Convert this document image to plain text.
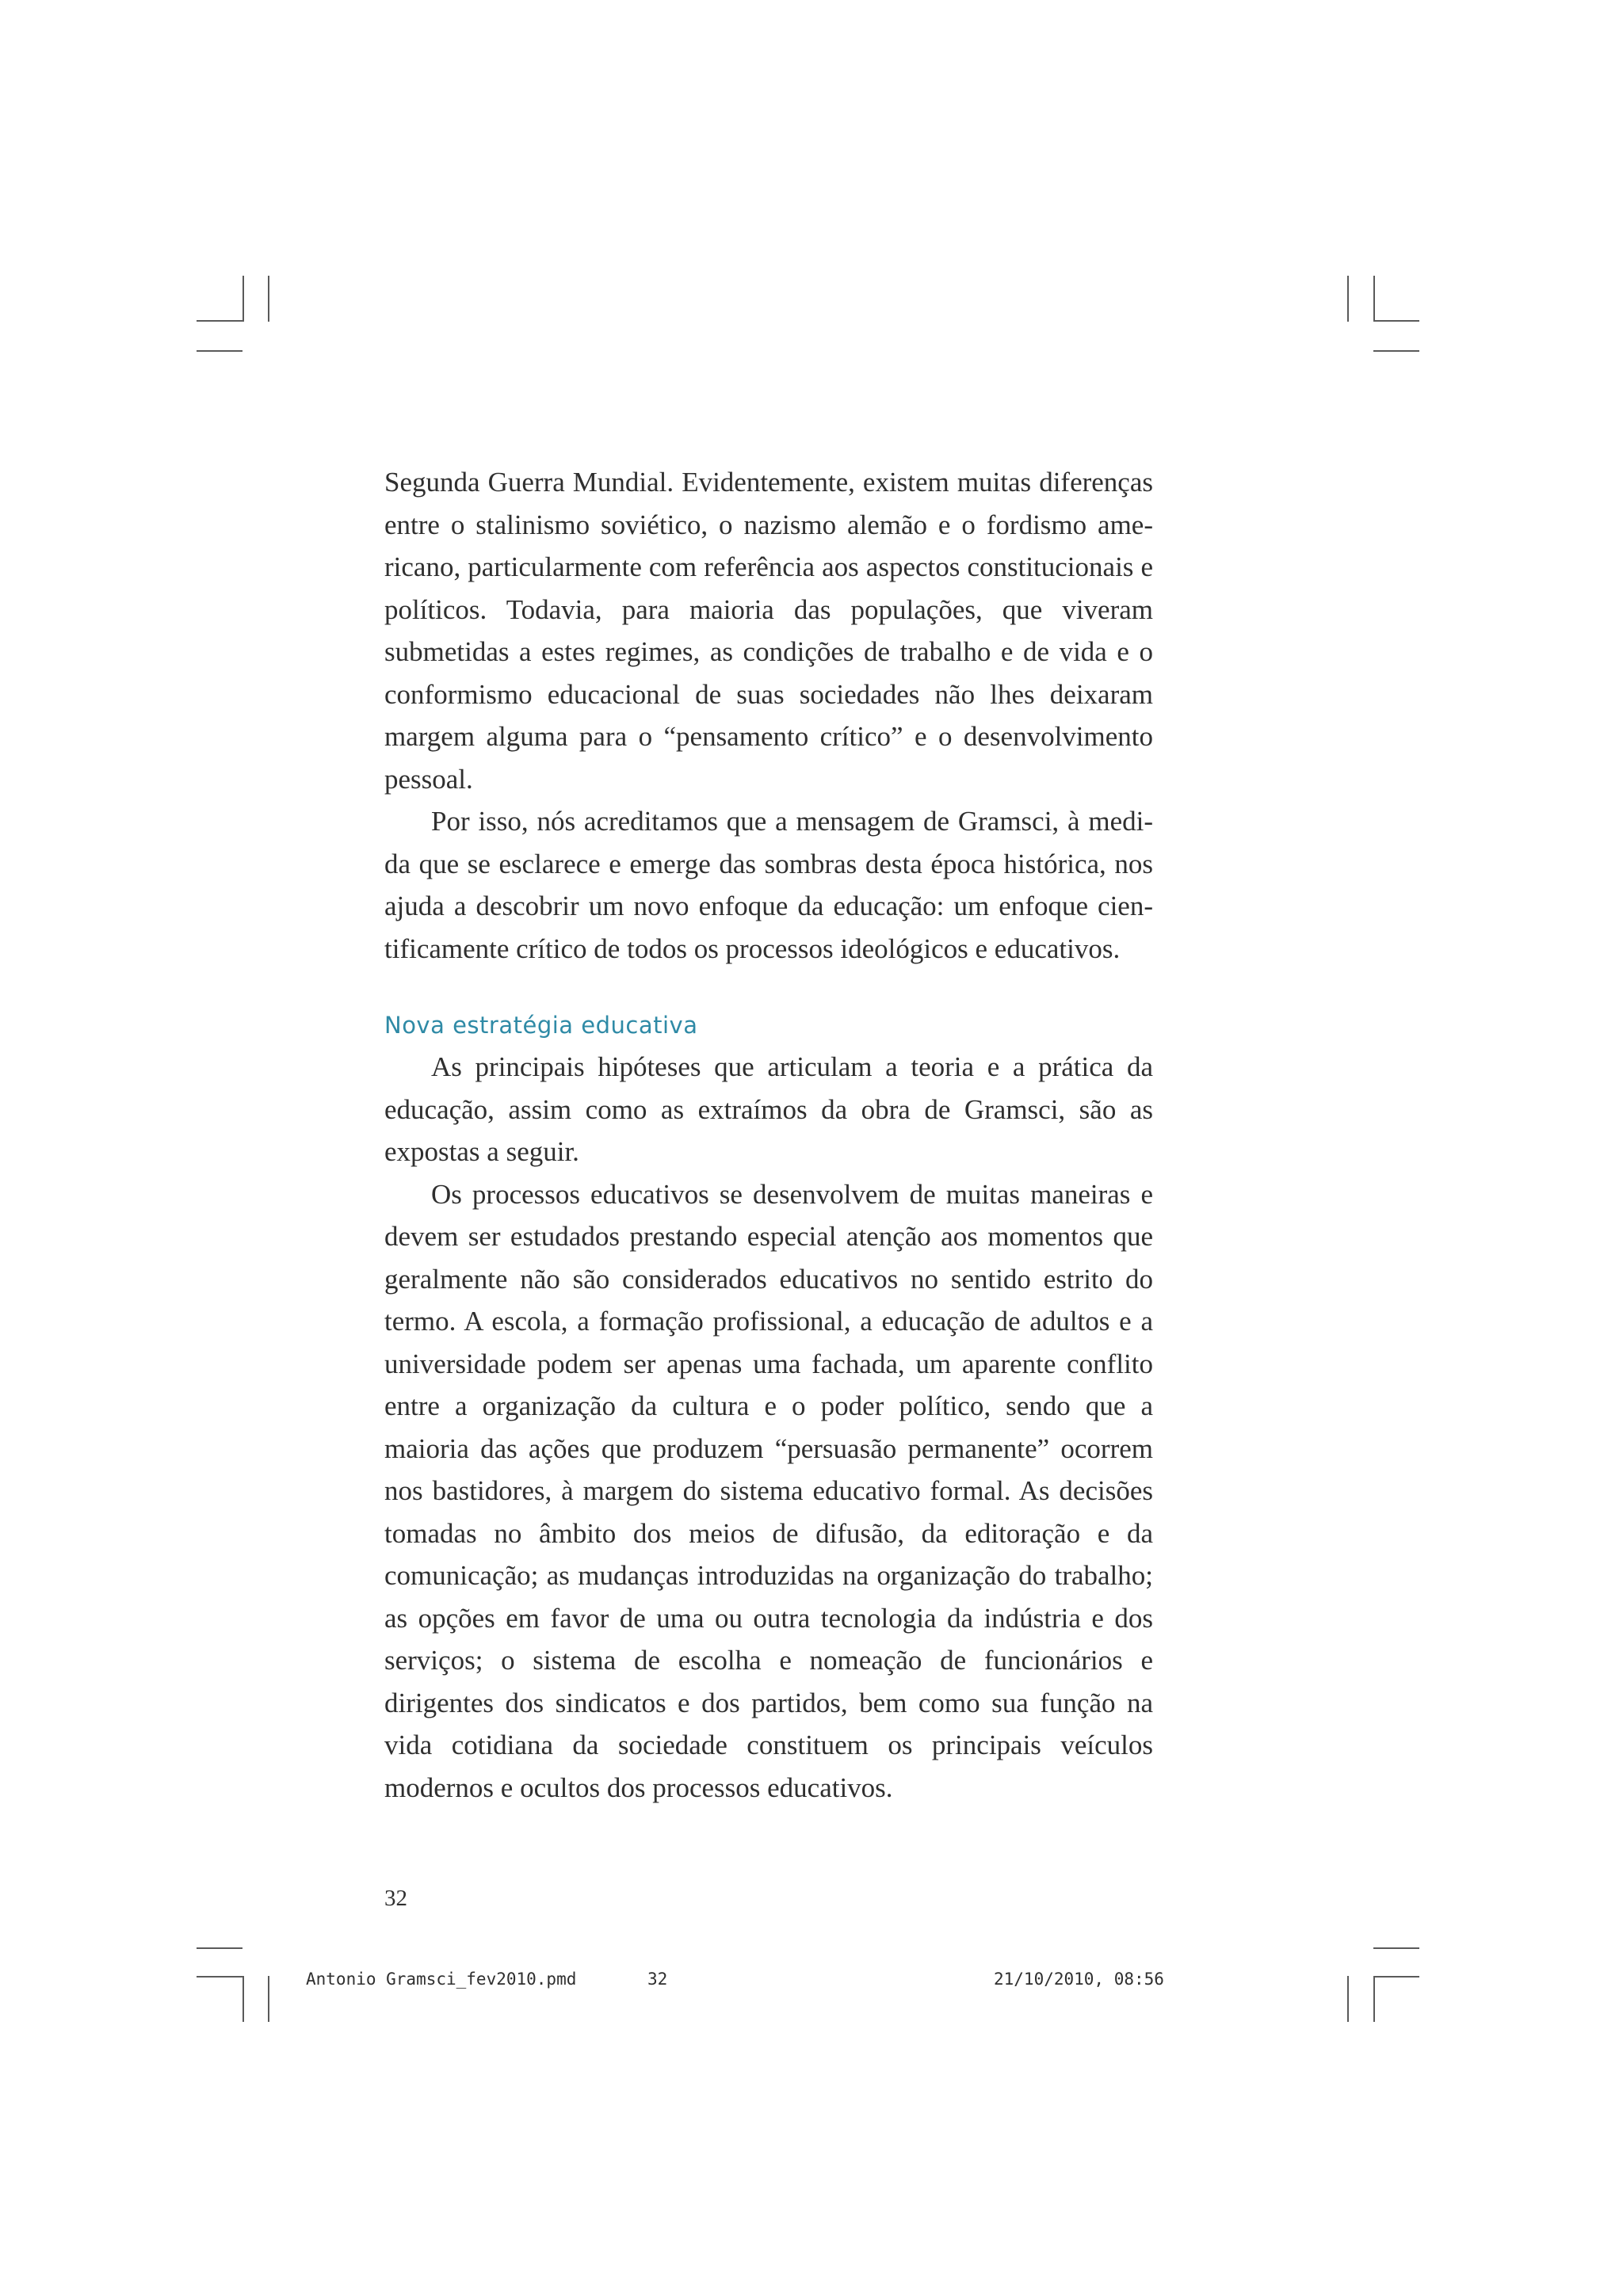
Segunda Guerra Mundial. Evidentemente, existem muitas diferenças entre o stalinismo soviético, o nazismo alemão e o fordismo americano, particularmente com referência aos aspectos constitucionais e políticos. Todavia, para maioria das populações, que viveram submetidas a estes regimes, as condições de trabalho e de vida e o conformismo educacional de suas sociedades não lhes deixaram margem alguma para o “pensamento crítico” e o desenvolvimento pessoal.

Por isso, nós acreditamos que a mensagem de Gramsci, à medida que se esclarece e emerge das sombras desta época histórica, nos ajuda a descobrir um novo enfoque da educação: um enfoque cientificamente crítico de todos os processos ideológicos e educativos.

Nova estratégia educativa

As principais hipóteses que articulam a teoria e a prática da educação, assim como as extraímos da obra de Gramsci, são as expostas a seguir.

Os processos educativos se desenvolvem de muitas maneiras e devem ser estudados prestando especial atenção aos momentos que geralmente não são considerados educativos no sentido estrito do termo. A escola, a formação profissional, a educação de adultos e a universidade podem ser apenas uma fachada, um aparente conflito entre a organização da cultura e o poder político, sendo que a maioria das ações que produzem “persuasão permanente” ocorrem nos bastidores, à margem do sistema educativo formal. As decisões tomadas no âmbito dos meios de difusão, da editoração e da comunicação; as mudanças introduzidas na organização do trabalho; as opções em favor de uma ou outra tecnologia da indústria e dos serviços; o sistema de escolha e nomeação de funcionários e dirigentes dos sindicatos e dos partidos, bem como sua função na vida cotidiana da sociedade constituem os principais veículos modernos e ocultos dos processos educativos.

32
Antonio Gramsci_fev2010.pmd	32	21/10/2010, 08:56
